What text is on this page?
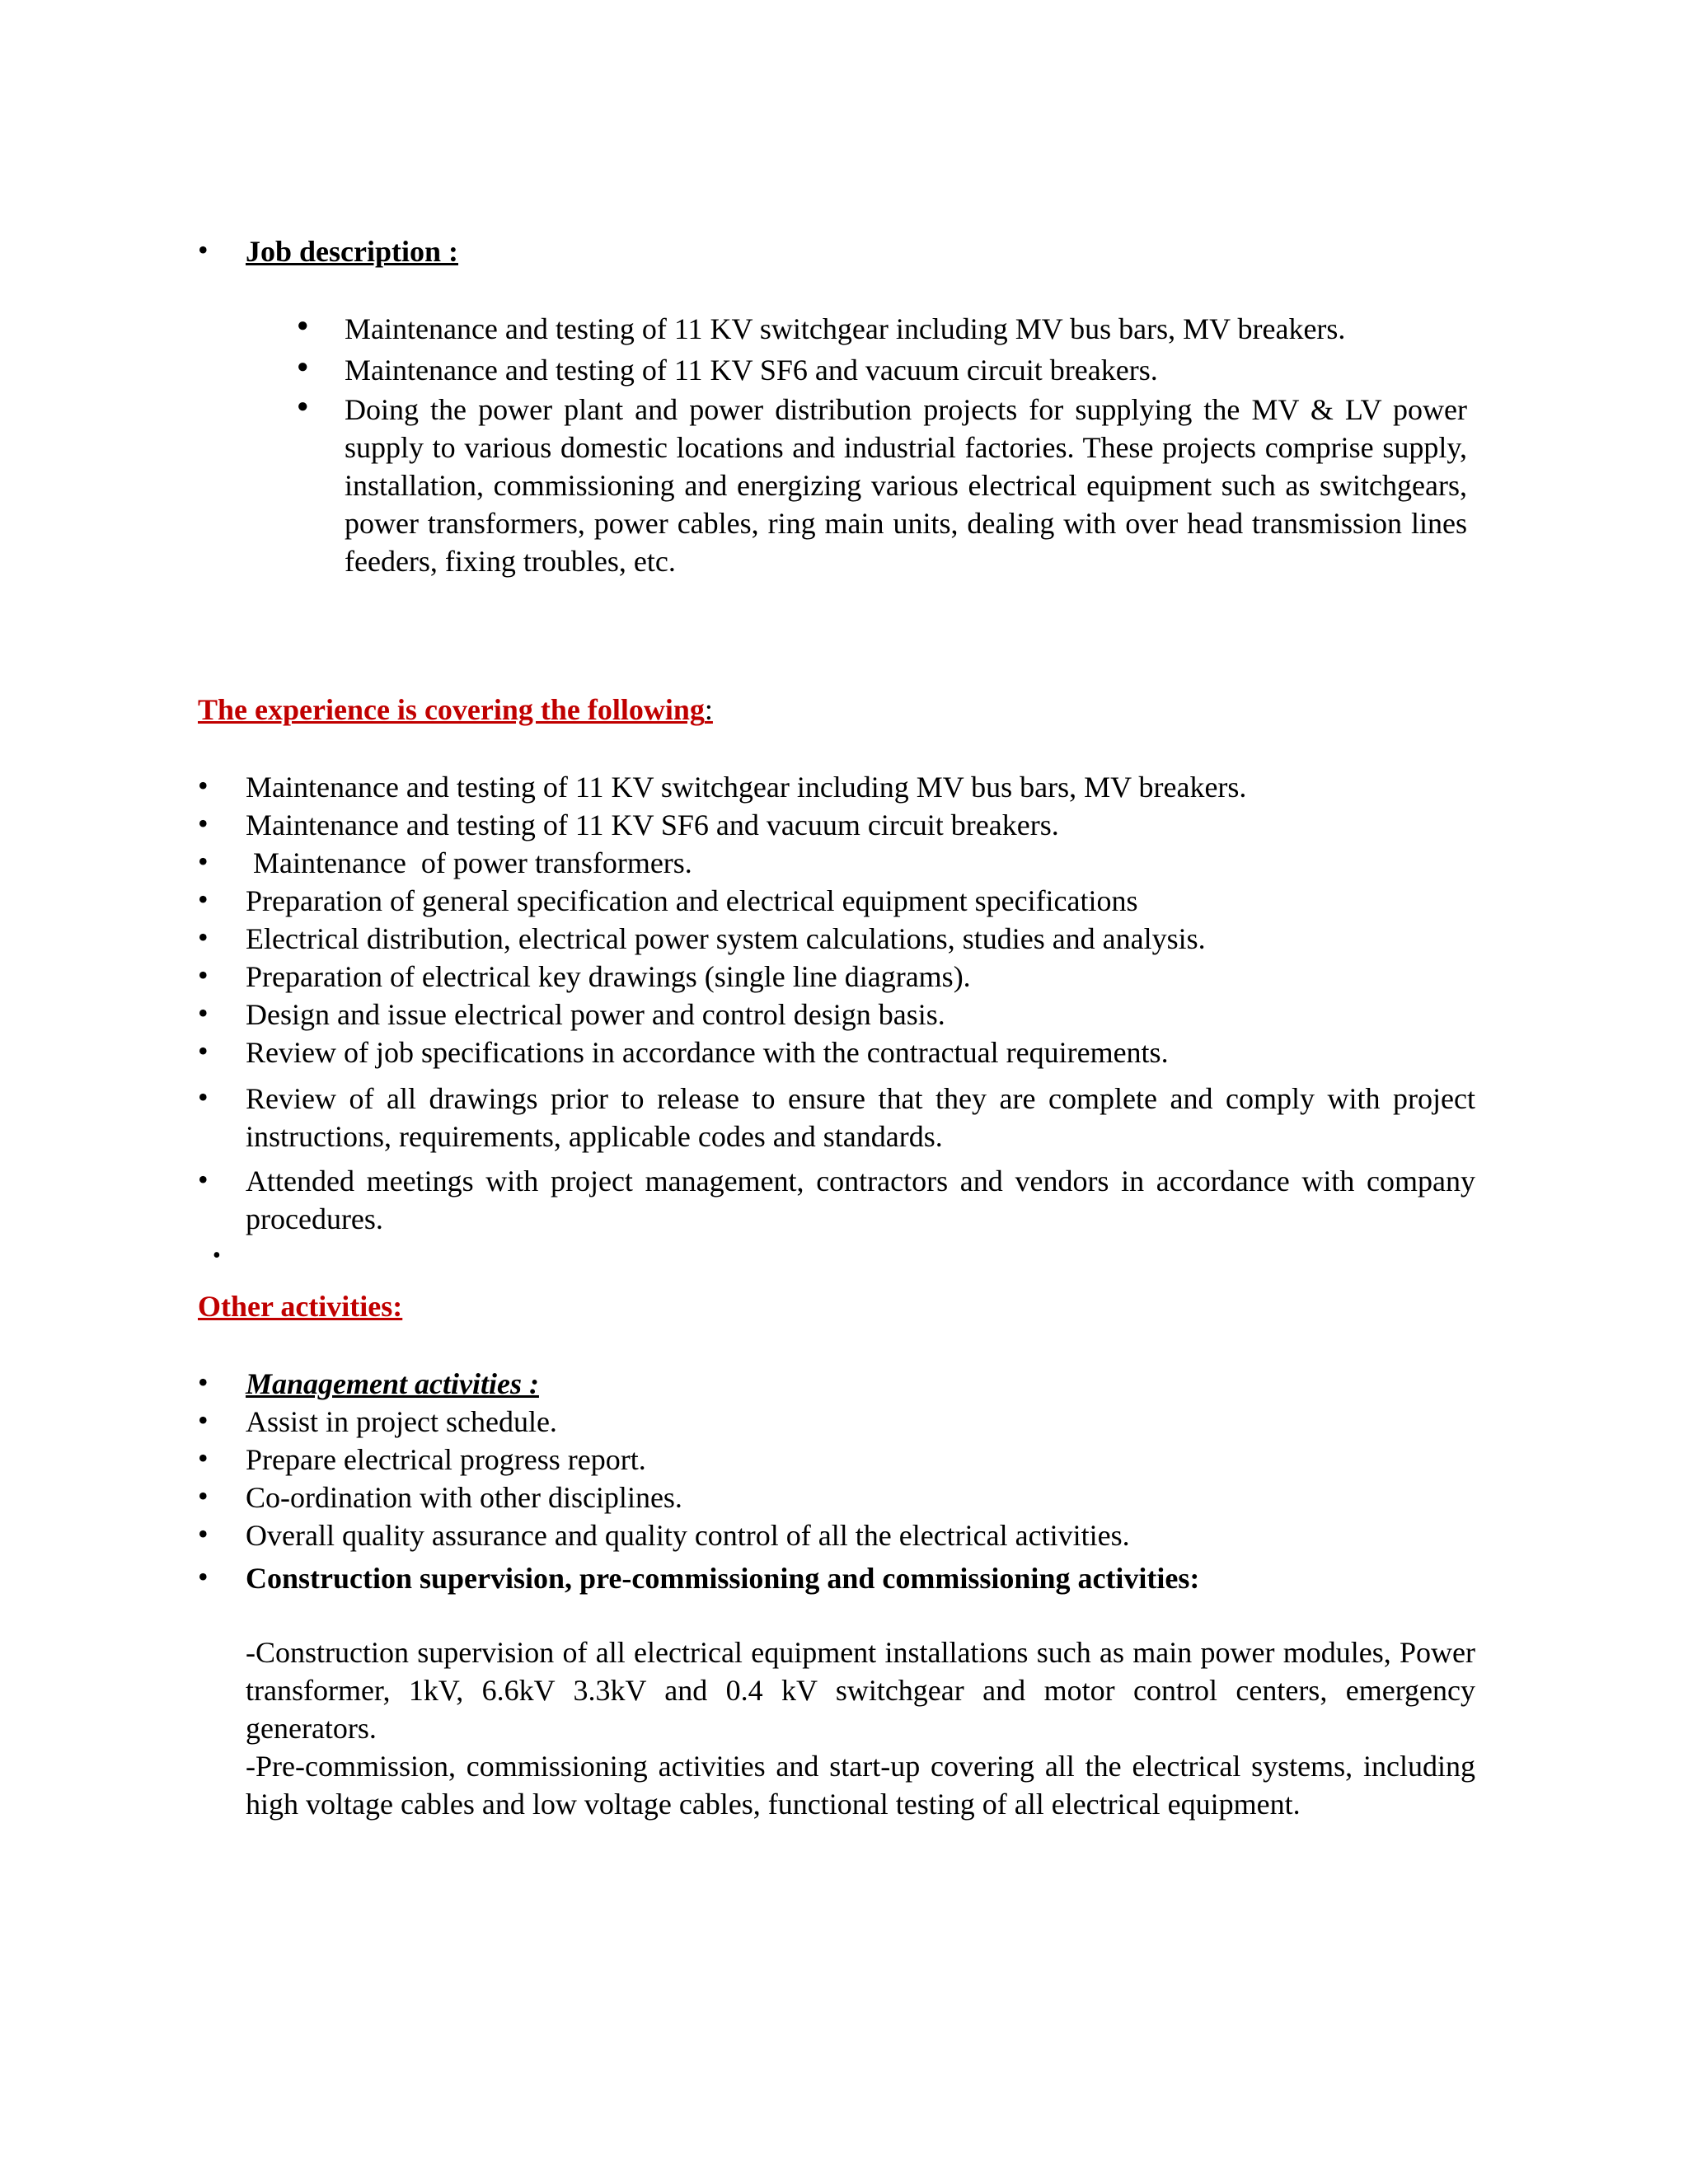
•	Job description :
● Maintenance and testing of 11 KV switchgear including MV bus bars, MV breakers.
● Maintenance and testing of 11 KV SF6 and vacuum circuit breakers.
● Doing the power plant and power distribution projects for supplying the MV & LV power supply to various domestic locations and industrial factories. These projects comprise supply, installation, commissioning and energizing various electrical equipment such as switchgears, power transformers, power cables, ring main units, dealing with over head transmission lines feeders, fixing troubles, etc.
The experience is covering the following:
•	Maintenance and testing of 11 KV switchgear including MV bus bars, MV breakers.
•	Maintenance and testing of 11 KV SF6 and vacuum circuit breakers.
•	Maintenance  of power transformers.
•	Preparation of general specification and electrical equipment specifications
•	Electrical distribution, electrical power system calculations, studies and analysis.
•	Preparation of electrical key drawings (single line diagrams).
•	Design and issue electrical power and control design basis.
•	Review of job specifications in accordance with the contractual requirements.
•	Review of all drawings prior to release to ensure that they are complete and comply with project instructions, requirements, applicable codes and standards.
•	Attended meetings with project management, contractors and vendors in accordance with company procedures.
•
Other activities:
•	Management activities :
•	Assist in project schedule.
•	Prepare electrical progress report.
•	Co-ordination with other disciplines.
•	Overall quality assurance and quality control of all the electrical activities.
•	Construction supervision, pre-commissioning and commissioning activities:
-Construction supervision of all electrical equipment installations such as main power modules, Power transformer, 1kV, 6.6kV 3.3kV and 0.4 kV switchgear and motor control centers, emergency generators.
-Pre-commission, commissioning activities and start-up covering all the electrical systems, including high voltage cables and low voltage cables, functional testing of all electrical equipment.
